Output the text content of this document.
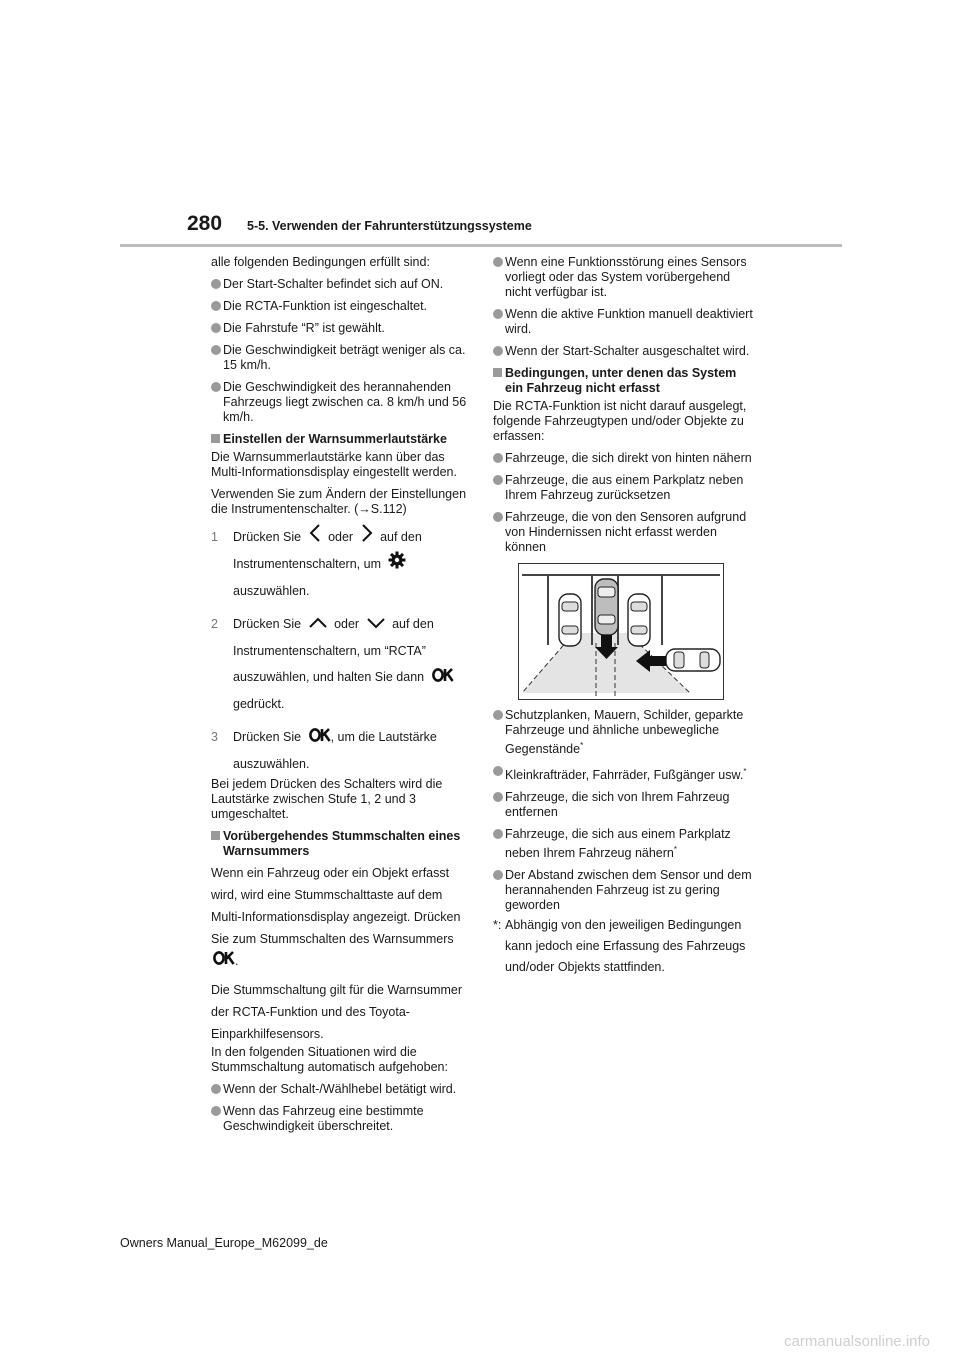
280 5-5. Verwenden der Fahrunterstützungssysteme

alle folgenden Bedingungen erfüllt sind:

Der Start-Schalter befindet sich auf ON.
Die RCTA-Funktion ist eingeschaltet.
Die Fahrstufe “R” ist gewählt.
Die Geschwindigkeit beträgt weniger als ca. 15 km/h.
Die Geschwindigkeit des herannahenden Fahrzeugs liegt zwischen ca. 8 km/h und 56 km/h.
Einstellen der Warnsummerlautstärke

Die Warnsummerlautstärke kann über das Multi-Informationsdisplay eingestellt werden.

Verwenden Sie zum Ändern der Einstellungen die Instrumentenschalter. (→S.112)

1 Drücken Sie oder auf den Instrumentenschaltern, um  auszuwählen.
2 Drücken Sie	oder	auf den Instrumentenschaltern, um “RCTA” auszuwählen, und halten Sie dann  gedrückt.
3 Drücken Sie , um die Lautstärke auszuwählen.

Bei jedem Drücken des Schalters wird die Lautstärke zwischen Stufe 1, 2 und 3 umgeschaltet.

Vorübergehendes Stummschalten eines Warnsummers

Wenn ein Fahrzeug oder ein Objekt erfasst wird, wird eine Stummschalttaste auf dem Multi-Informationsdisplay angezeigt. Drücken Sie zum Stummschalten des Warnsummers .

Die Stummschaltung gilt für die Warnsummer der RCTA-Funktion und des Toyota-Einparkhilfesensors.

In den folgenden Situationen wird die Stummschaltung automatisch aufgehoben:

Wenn der Schalt-/Wählhebel betätigt wird.
Wenn das Fahrzeug eine bestimmte Geschwindigkeit überschreitet.
Wenn eine Funktionsstörung eines Sensors vorliegt oder das System vorübergehend nicht verfügbar ist.
Wenn die aktive Funktion manuell deaktiviert wird.
Wenn der Start-Schalter ausgeschaltet wird.
Bedingungen, unter denen das System ein Fahrzeug nicht erfasst

Die RCTA-Funktion ist nicht darauf ausgelegt, folgende Fahrzeugtypen und/oder Objekte zu erfassen:

Fahrzeuge, die sich direkt von hinten nähern
Fahrzeuge, die aus einem Parkplatz neben Ihrem Fahrzeug zurücksetzen
Fahrzeuge, die von den Sensoren aufgrund von Hindernissen nicht erfasst werden können
Schutzplanken, Mauern, Schilder, geparkte Fahrzeuge und ähnliche unbewegliche Gegenstände*
Kleinkrafträder, Fahrräder, Fußgänger usw.*
Fahrzeuge, die sich von Ihrem Fahrzeug entfernen
Fahrzeuge, die sich aus einem Parkplatz neben Ihrem Fahrzeug nähern*
Der Abstand zwischen dem Sensor und dem herannahenden Fahrzeug ist zu gering geworden
*: Abhängig von den jeweiligen Bedingungen kann jedoch eine Erfassung des Fahrzeugs und/oder Objekts stattfinden.
Owners Manual_Europe_M62099_de
carmanualsonline.info
